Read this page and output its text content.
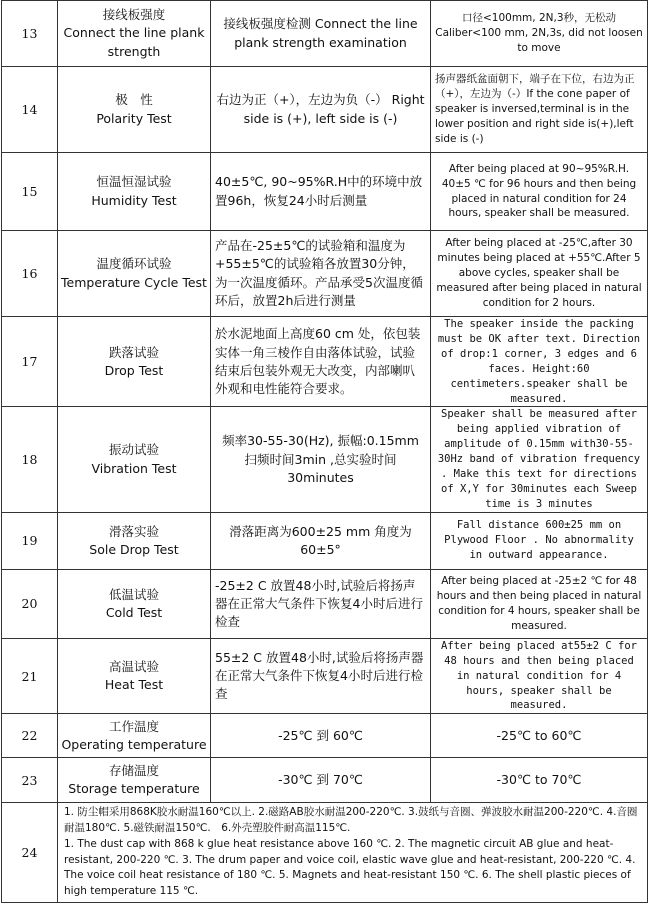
13	接线板强度
Connect the line plank strength	接线板强度检测 Connect the line plank strength examination	口径<100mm, 2N,3秒，无松动 Caliber<100 mm, 2N,3s, did not loosen to move
14	极　性
Polarity Test	右边为正（+），左边为负（-） Right side is (+), left side is (-)	扬声器纸盆面朝下，端子在下位，右边为正（+），左边为（-）If the cone paper of speaker is inversed,terminal is in the lower position and right side is(+),left side is (-)
15	恒温恒湿试验
Humidity Test	40±5℃, 90~95%R.H中的环境中放置96h，恢复24小时后测量	After being placed at 90~95%R.H. 40±5 ℃ for 96 hours and then being placed in natural condition for 24 hours, speaker shall be measured.
16	温度循环试验
Temperature Cycle Test	产品在-25±5℃的试验箱和温度为+55±5℃的试验箱各放置30分钟，为一次温度循环。产品承受5次温度循环后，放置2h后进行测量	After being placed at -25℃,after 30 minutes being placed at +55℃.After 5 above cycles, speaker shall be measured after being placed in natural condition for 2 hours.
17	跌落试验
Drop Test	於水泥地面上高度60 cm 处，依包装实体一角三棱作自由落体试验，试验结束后包装外观无大改变，内部喇叭外观和电性能符合要求。	The speaker inside the packing must be OK after text. Direction of drop:1 corner, 3 edges and 6 faces. Height:60 centimeters.speaker shall be measured.
18	振动试验
Vibration Test	频率30-55-30(Hz), 振幅:0.15mm 扫频时间3min ,总实验时间 30minutes	Speaker shall be measured after being applied vibration of amplitude of 0.15mm with30-55-30Hz band of vibration frequency . Make this text for directions of X,Y for 30minutes each Sweep time is 3 minutes
19	滑落实验
Sole Drop Test	滑落距离为600±25 mm 角度为60±5°	Fall distance 600±25 mm on Plywood Floor . No abnormality in outward appearance.
20	低温试验
Cold Test	-25±2 C 放置48小时,试验后将扬声器在正常大气条件下恢复4小时后进行检查	After being placed at -25±2 ℃ for 48 hours and then being placed in natural condition for 4 hours, speaker shall be measured.
21	高温试验
Heat Test	55±2 C 放置48小时,试验后将扬声器在正常大气条件下恢复4小时后进行检查	After being placed at55±2 C for 48 hours and then being placed in natural condition for 4 hours, speaker shall be measured.
22	工作温度
Operating temperature	-25℃ 到 60℃	-25℃ to 60℃
23	存储温度
Storage temperature	-30℃ 到 70℃	-30℃ to 70℃
24	1. 防尘帽采用868K胶水耐温160℃以上. 2.磁路AB胶水耐温200-220℃. 3.鼓纸与音圈、弹波胶水耐温200-220℃. 4.音圈耐温180℃. 5.磁铁耐温150℃.　6.外壳塑胶件耐高温115℃.
1. The dust cap with 868 k glue heat resistance above 160 ℃. 2. The magnetic circuit AB glue and heat-resistant, 200-220 ℃. 3. The drum paper and voice coil, elastic wave glue and heat-resistant, 200-220 ℃. 4. The voice coil heat resistance of 180 ℃. 5. Magnets and heat-resistant 150 ℃. 6. The shell plastic pieces of high temperature 115 ℃.		
